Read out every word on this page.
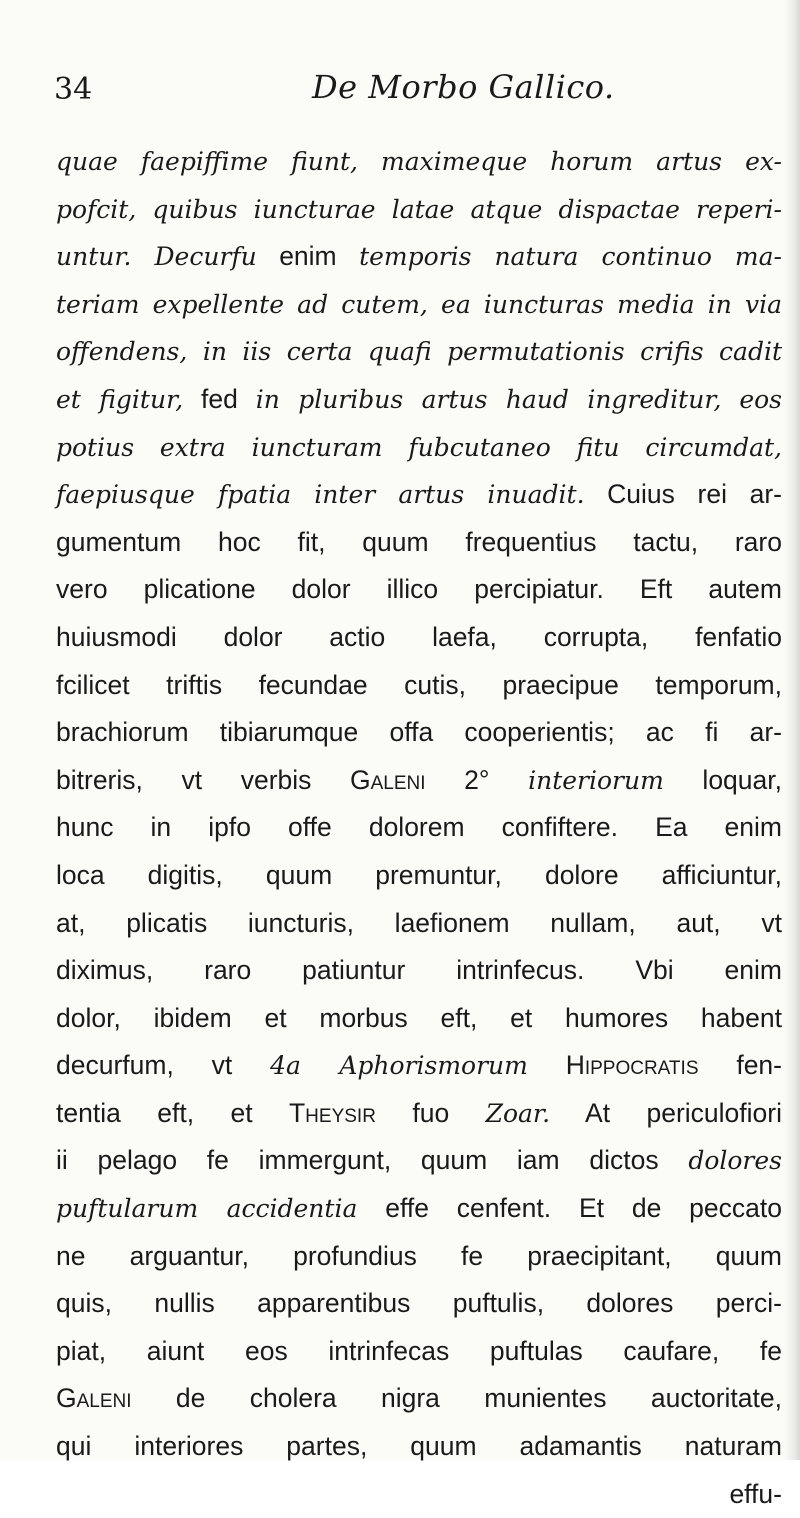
34	De Morbo Gallico.
quae faepiffime fiunt, maximeque horum artus ex-
pofcit, quibus iuncturae latae atque dispactae reperi-
untur. Decurfu enim temporis natura continuo ma-
teriam expellente ad cutem, ea iuncturas media in via
offendens, in iis certa quafi permutationis crifis cadit
et figitur, fed in pluribus artus haud ingreditur, eos
potius extra iuncturam fubcutaneo fitu circumdat,
faepiusque fpatia inter artus inuadit. Cuius rei ar-
gumentum hoc fit, quum frequentius tactu, raro
vero plicatione dolor illico percipiatur. Eft autem
huiusmodi dolor actio laefa, corrupta, fenfatio
fcilicet triftis fecundae cutis, praecipue temporum,
brachiorum tibiarumque offa cooperientis; ac fi ar-
bitreris, vt verbis Galeni 2° interiorum loquar,
hunc in ipfo offe dolorem confiftere. Ea enim
loca digitis, quum premuntur, dolore afficiuntur,
at, plicatis iuncturis, laefionem nullam, aut, vt
diximus, raro patiuntur intrinfecus. Vbi enim
dolor, ibidem et morbus eft, et humores habent
decurfum, vt 4a Aphorismorum Hippocratis fen-
tentia eft, et Theysir fuo Zoar. At periculofiori
ii pelago fe immergunt, quum iam dictos dolores
puftularum accidentia effe cenfent. Et de peccato
ne arguantur, profundius fe praecipitant, quum
quis, nullis apparentibus puftulis, dolores perci-
piat, aiunt eos intrinfecas puftulas caufare, fe
Galeni de cholera nigra munientes auctoritate,
qui interiores partes, quum adamantis naturam
effu-
